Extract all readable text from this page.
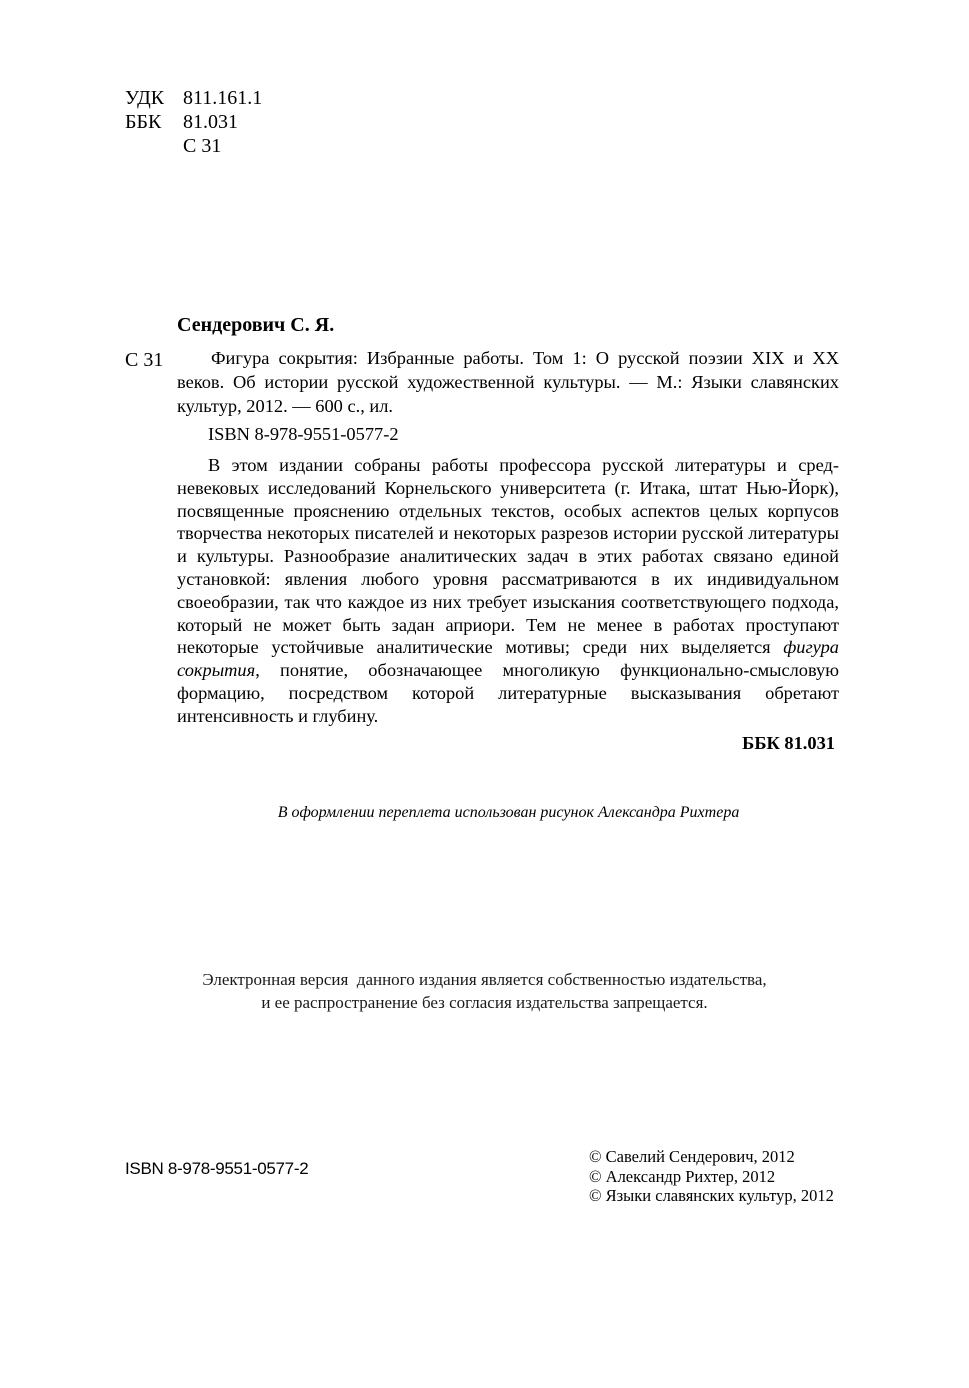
УДК 811.161.1
ББК 81.031
С 31
Сендерович С. Я.
С 31	Фигура сокрытия: Избранные работы. Том 1: О русской поэзии XIX и XX веков. Об истории русской художественной культуры. — М.: Языки славянских культур, 2012. — 600 с., ил.
ISBN 8-978-9551-0577-2
В этом издании собраны работы профессора русской литературы и средневековых исследований Корнельского университета (г. Итака, штат Нью-Йорк), посвященные прояснению отдельных текстов, особых аспектов целых корпусов творчества некоторых писателей и некоторых разрезов истории русской литературы и культуры. Разнообразие аналитических задач в этих работах связано единой установкой: явления любого уровня рассматриваются в их индивидуальном своеобразии, так что каждое из них требует изыскания соответствующего подхода, который не может быть задан априори. Тем не менее в работах проступают некоторые устойчивые аналитические мотивы; среди них выделяется фигура сокрытия, понятие, обозначающее многоликую функционально-смысловую формацию, посредством которой литературные высказывания обретают интенсивность и глубину.
ББК 81.031
В оформлении переплета использован рисунок Александра Рихтера
Электронная версия  данного издания является собственностью издательства,
и ее распространение без согласия издательства запрещается.
ISBN 8-978-9551-0577-2
© Савелий Сендерович, 2012
© Александр Рихтер, 2012
© Языки славянских культур, 2012
